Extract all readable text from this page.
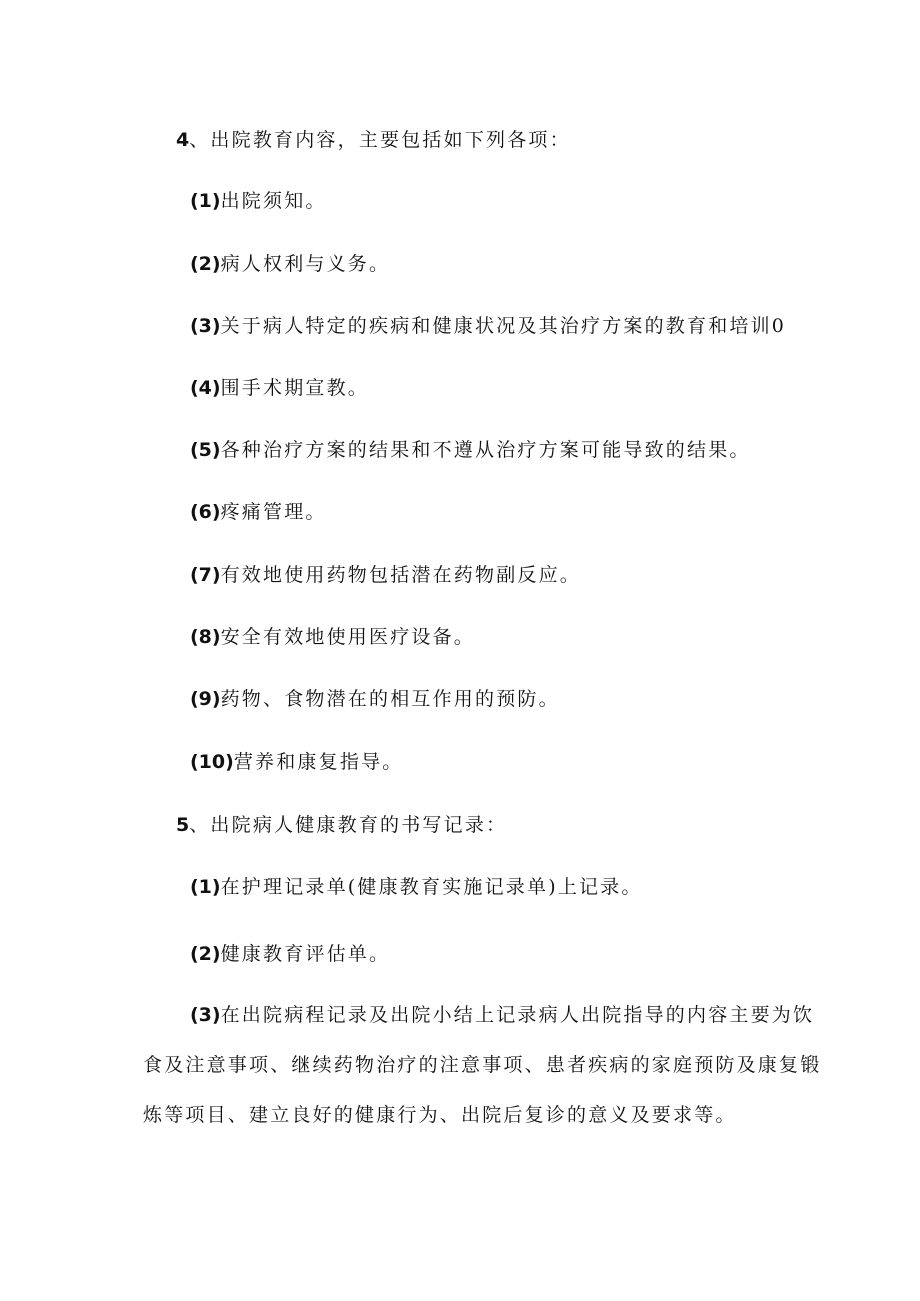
4、出院教育内容，主要包括如下列各项：
(1)出院须知。
(2)病人权利与义务。
(3)关于病人特定的疾病和健康状况及其治疗方案的教育和培训0
(4)围手术期宣教。
(5)各种治疗方案的结果和不遵从治疗方案可能导致的结果。
(6)疼痛管理。
(7)有效地使用药物包括潜在药物副反应。
(8)安全有效地使用医疗设备。
(9)药物、食物潜在的相互作用的预防。
(10)营养和康复指导。
5、出院病人健康教育的书写记录：
(1)在护理记录单(健康教育实施记录单)上记录。
(2)健康教育评估单。
(3)在出院病程记录及出院小结上记录病人出院指导的内容主要为饮
食及注意事项、继续药物治疗的注意事项、患者疾病的家庭预防及康复锻
炼等项目、建立良好的健康行为、出院后复诊的意义及要求等。
